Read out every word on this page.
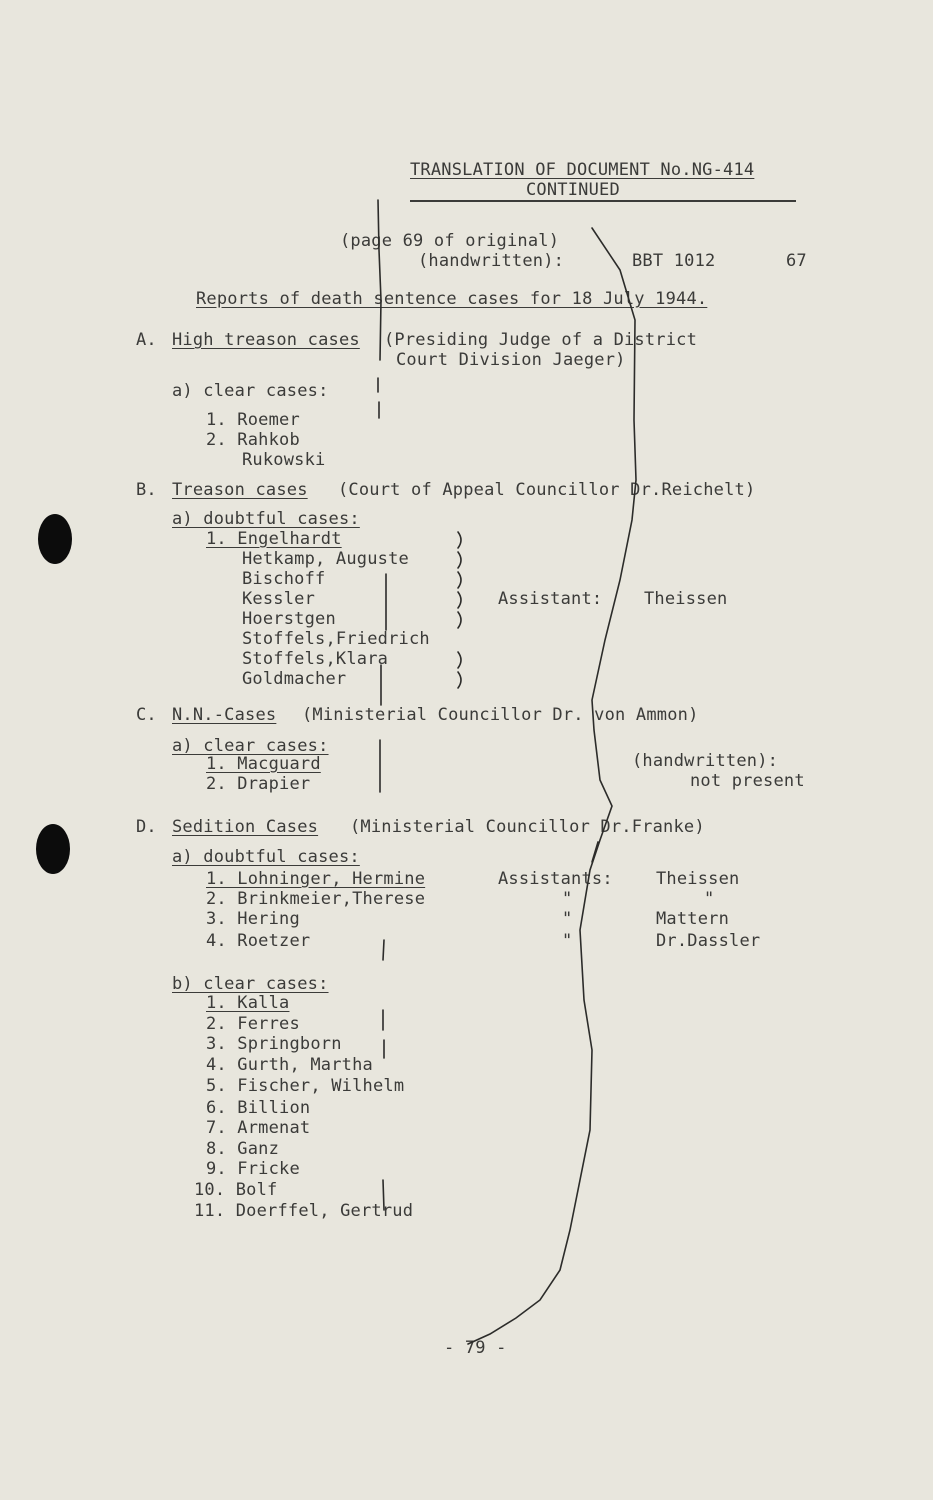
TRANSLATION OF DOCUMENT No.NG-414
CONTINUED
(page 69 of original)
(handwritten):	BBT 1012	67
Reports of death sentence cases for 18 July 1944.
A. High treason cases (Presiding Judge of a District
Court Division Jaeger)
a) clear cases:
1. Roemer
2. Rahkob
Rukowski
B. Treason cases (Court of Appeal Councillor Dr.Reichelt)
a) doubtful cases:
1. Engelhardt
Hetkamp, Auguste
Bischoff
Kessler
Hoerstgen
Stoffels,Friedrich
Stoffels,Klara
Goldmacher
Assistant: Theissen
C. N.N.-Cases (Ministerial Councillor Dr. von Ammon)
a) clear cases:
1. Macguard
2. Drapier
(handwritten):
not present
D. Sedition Cases (Ministerial Councillor Dr.Franke)
a) doubtful cases:
1. Lohninger, Hermine
2. Brinkmeier,Therese
3. Hering
4. Roetzer
Assistants:
"
"
"
Theissen
"
Mattern
Dr.Dassler
b) clear cases:
1. Kalla
2. Ferres
3. Springborn
4. Gurth, Martha
5. Fischer, Wilhelm
6. Billion
7. Armenat
8. Ganz
9. Fricke
10. Bolf
11. Doerffel, Gertrud
- 79 -
